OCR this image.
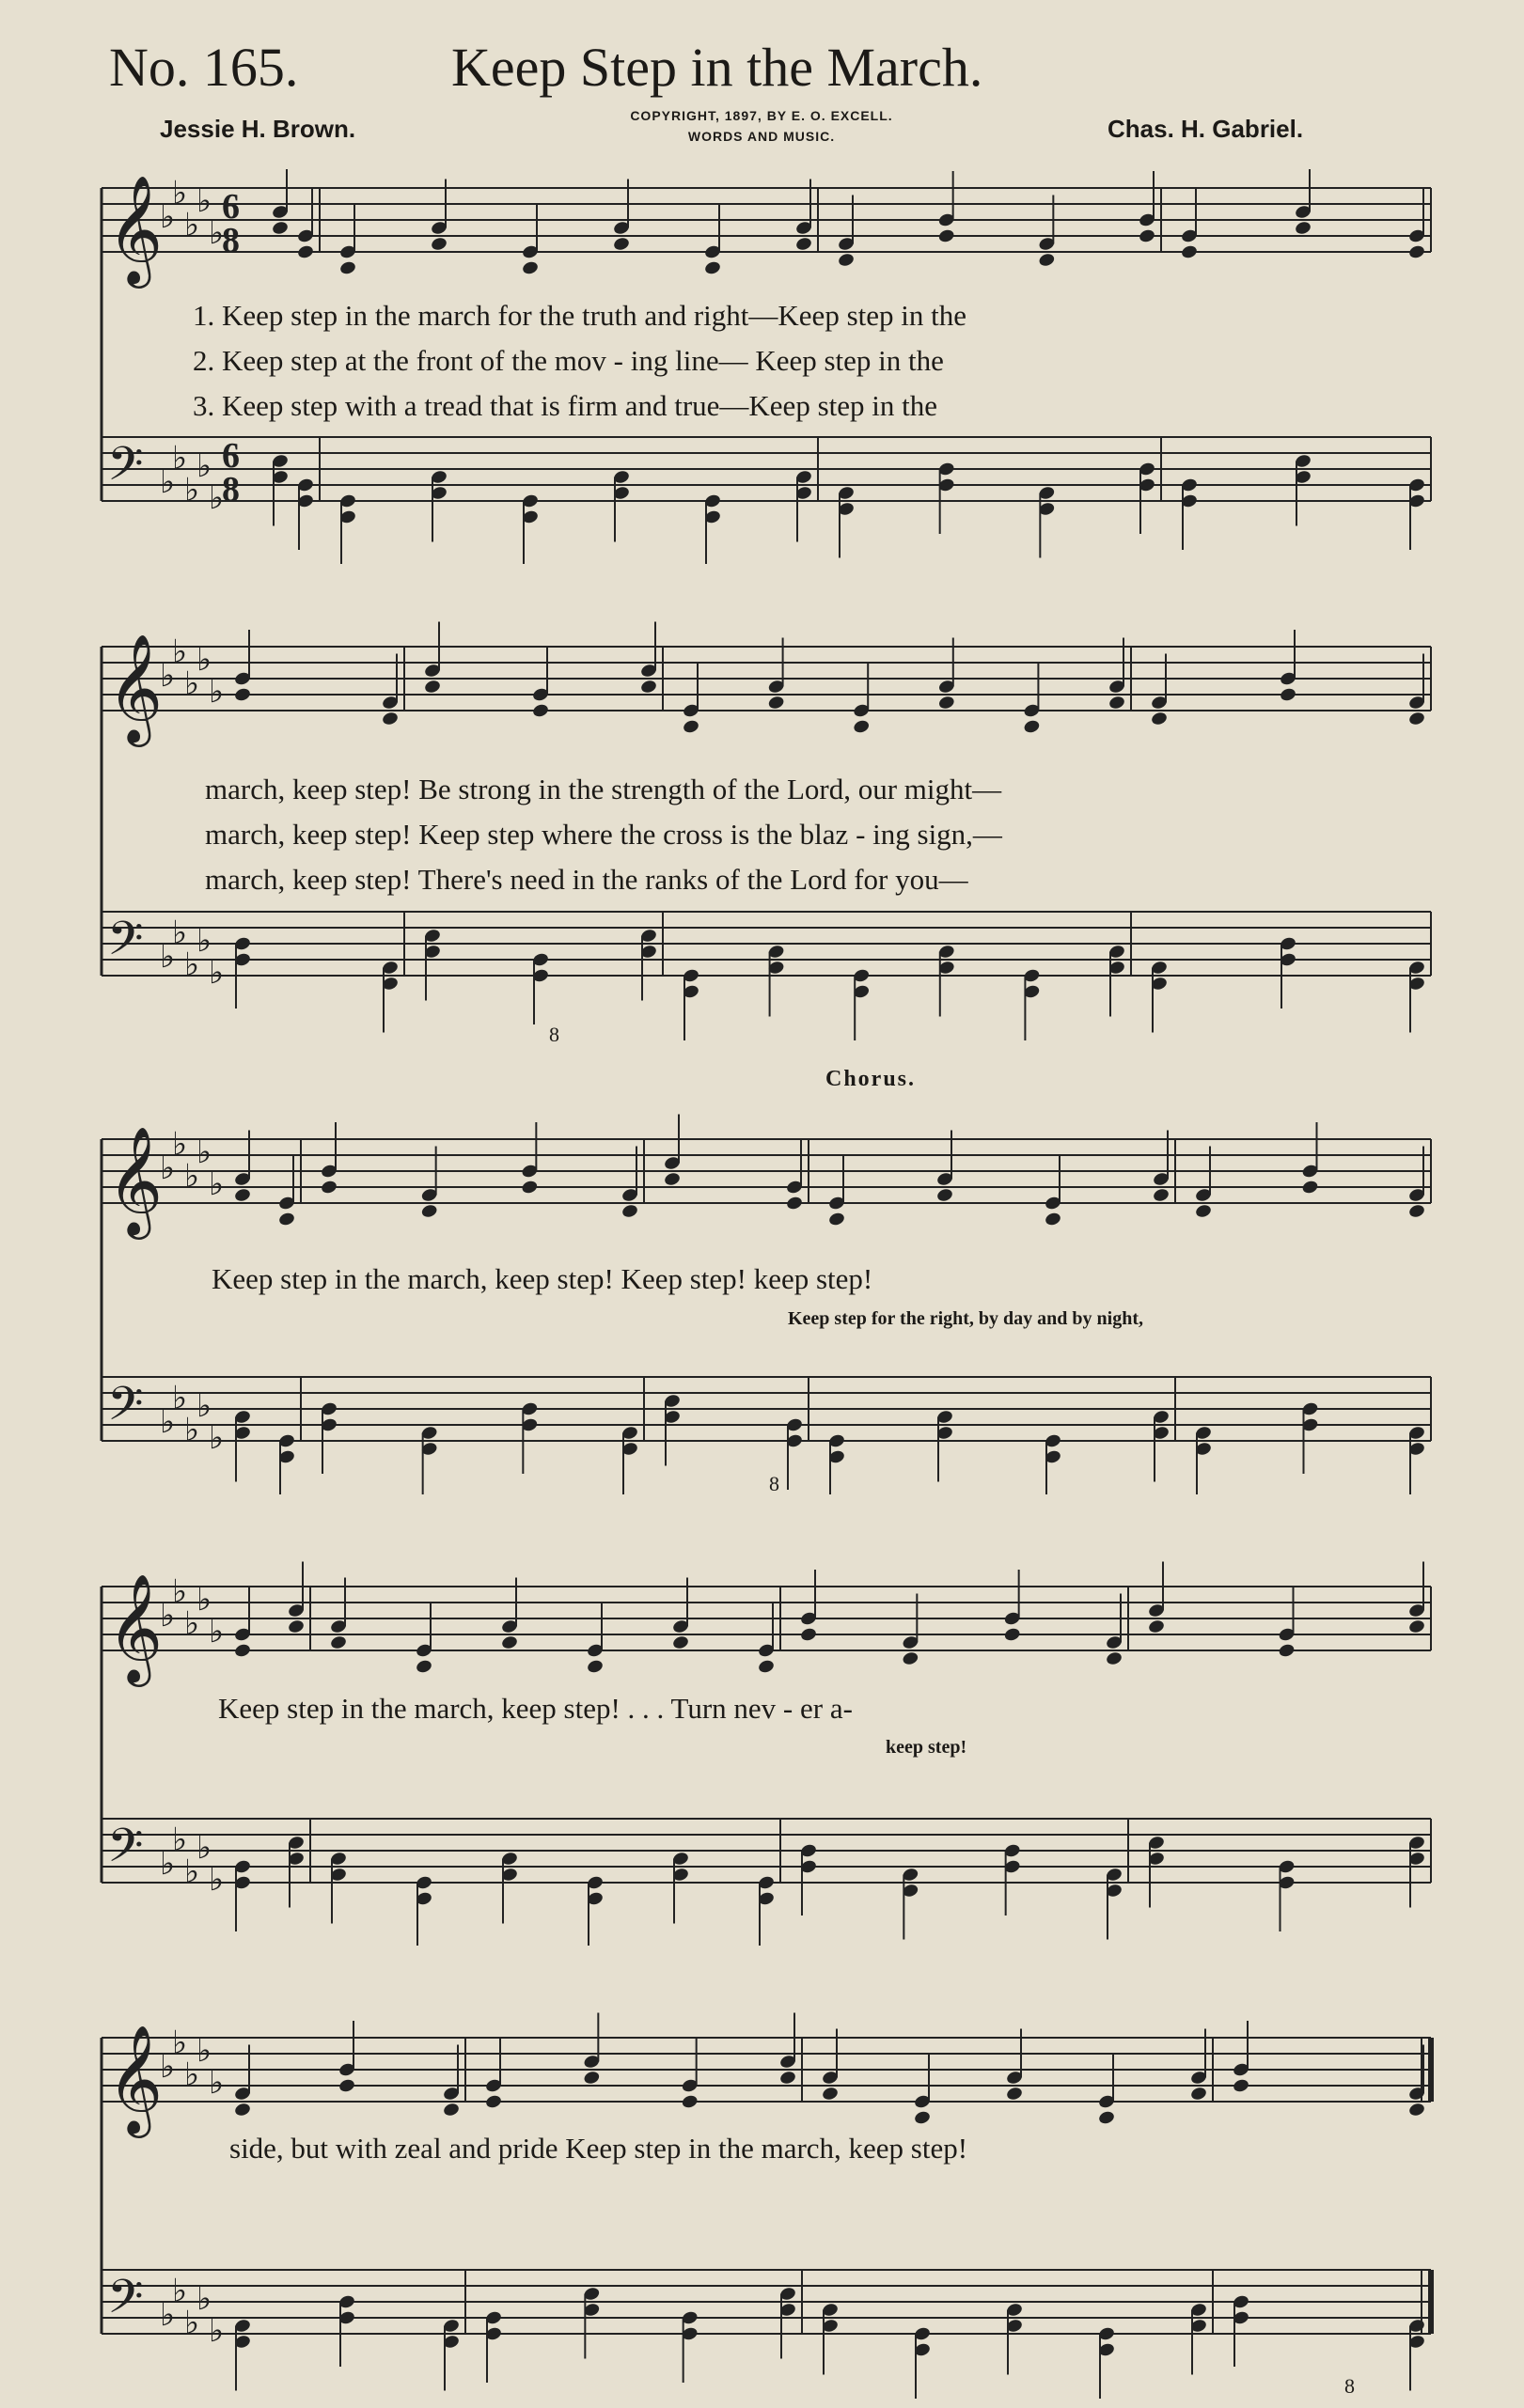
No. 165.	Keep Step in the March.
Jessie H. Brown.	COPYRIGHT, 1897, BY E. O. EXCELL.
WORDS AND MUSIC.	Chas. H. Gabriel.
𝄞
♭
♭
♭
♭
♭
6
8
𝄢 ♭
♭
♭
♭
♭
6
8
1. Keep step in the march for the truth and right—Keep step in the
2. Keep step at the front of the mov - ing line— Keep step in the
3. Keep step with a tread that is firm and true—Keep step in the
𝄞
♭
♭
♭
♭
♭
𝄢 ♭
♭
♭
♭
♭
march, keep step! Be strong in the strength of the Lord, our might—
march, keep step! Keep step where the cross is the blaz - ing sign,—
march, keep step! There's need in the ranks of the Lord for you—
8
𝄞
♭
♭
♭
♭
♭
𝄢 ♭
♭
♭
♭
♭
Chorus.
Keep step in the march, keep step! Keep step! keep step!
Keep step for the right, by day and by night,
8
𝄞
♭
♭
♭
♭
♭
𝄢 ♭
♭
♭
♭
♭
Keep step in the march, keep step! . . . Turn nev - er a-
keep step!
𝄞
♭
♭
♭
♭
♭
𝄢 ♭
♭
♭
♭
♭
side, but with zeal and pride Keep step in the march, keep step!
8
